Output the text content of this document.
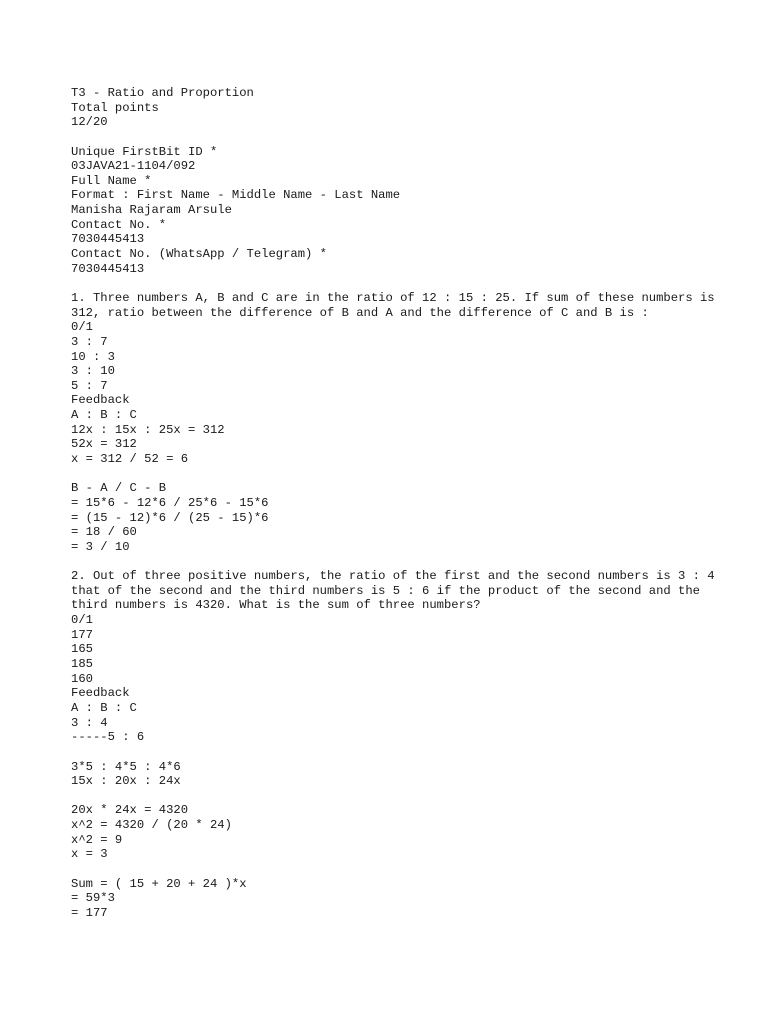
T3 - Ratio and Proportion
Total points
12/20
Unique FirstBit ID *
03JAVA21-1104/092
Full Name *
Format : First Name - Middle Name - Last Name
Manisha Rajaram Arsule
Contact No. *
7030445413
Contact No. (WhatsApp / Telegram) *
7030445413
1. Three numbers A, B and C are in the ratio of 12 : 15 : 25. If sum of these numbers is 312, ratio between the difference of B and A and the difference of C and B is :
0/1
3 : 7
10 : 3
3 : 10
5 : 7
Feedback
A : B : C
12x : 15x : 25x = 312
52x = 312
x = 312 / 52 = 6
B - A / C - B
= 15*6 - 12*6 / 25*6 - 15*6
= (15 - 12)*6 / (25 - 15)*6
= 18 / 60
= 3 / 10
2. Out of three positive numbers, the ratio of the first and the second numbers is 3 : 4 that of the second and the third numbers is 5 : 6 if the product of the second and the third numbers is 4320. What is the sum of three numbers?
0/1
177
165
185
160
Feedback
A : B : C
3 : 4
-----5 : 6
3*5 : 4*5 : 4*6
15x : 20x : 24x
20x * 24x = 4320
x^2 = 4320 / (20 * 24)
x^2 = 9
x = 3
Sum = ( 15 + 20 + 24 )*x
= 59*3
= 177
